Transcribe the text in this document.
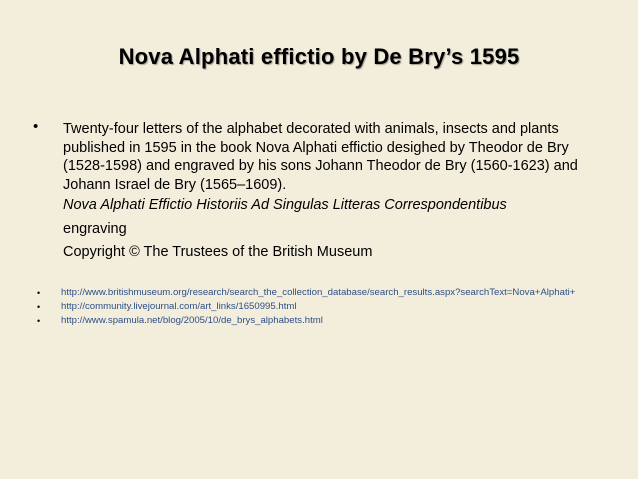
Nova Alphati effictio by De Bry’s 1595
• Twenty-four letters of the alphabet decorated with animals, insects and plants published in 1595 in the book Nova Alphati effictio desighed by Theodor de Bry (1528-1598) and engraved by his sons Johann Theodor de Bry (1560-1623) and Johann Israel de Bry (1565–1609).
Nova Alphati Effictio Historiis Ad Singulas Litteras Correspondentibus
engraving
Copyright © The Trustees of the British Museum
• http://www.britishmuseum.org/research/search_the_collection_database/search_results.aspx?searchText=Nova+Alphati+
• http://community.livejournal.com/art_links/1650995.html
• http://www.spamula.net/blog/2005/10/de_brys_alphabets.html
